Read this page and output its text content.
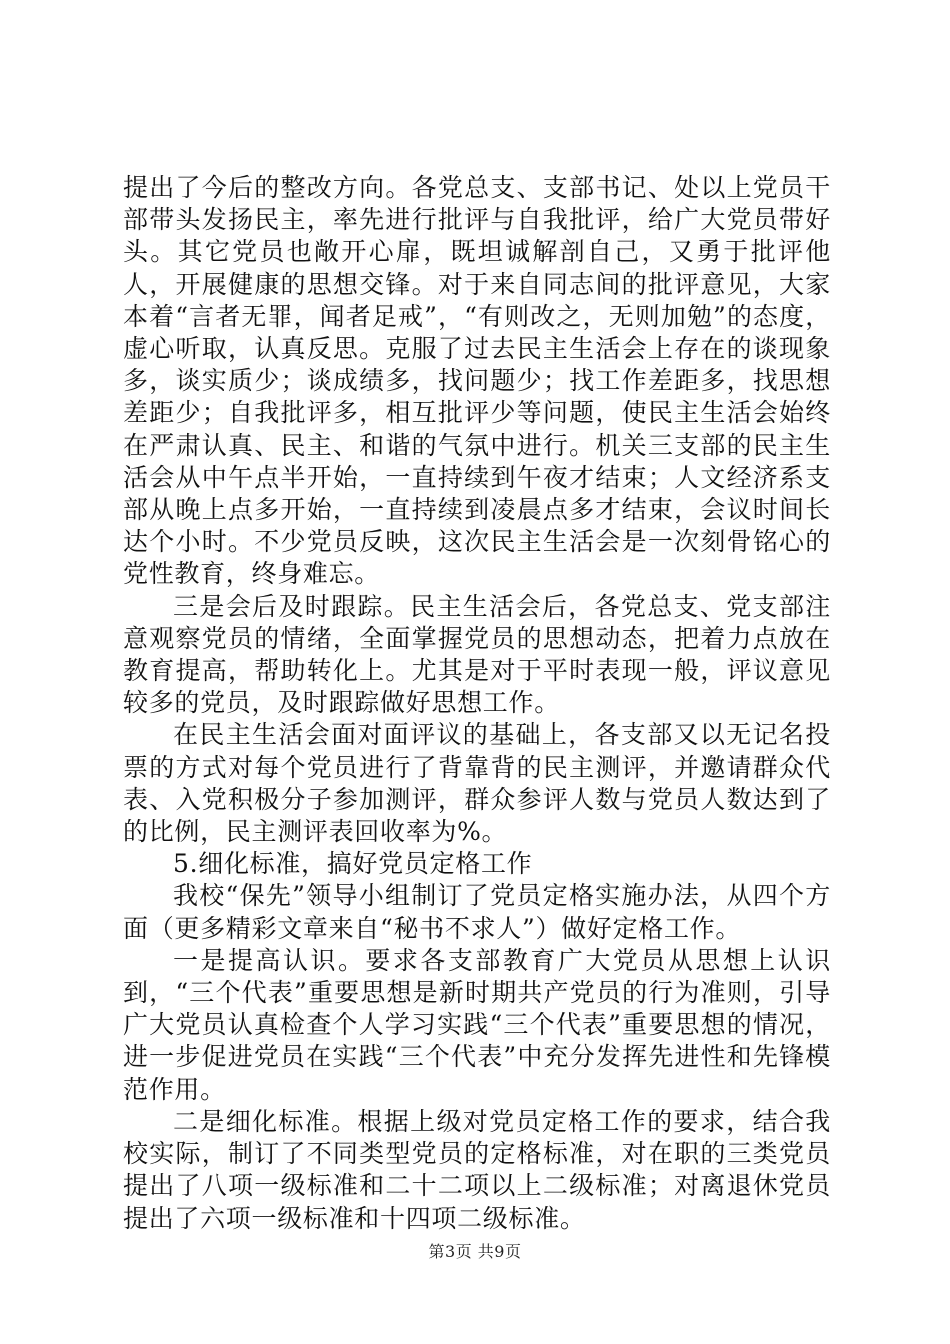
提出了今后的整改方向。各党总支、支部书记、处以上党员干部带头发扬民主，率先进行批评与自我批评，给广大党员带好头。其它党员也敞开心扉，既坦诚解剖自己，又勇于批评他人，开展健康的思想交锋。对于来自同志间的批评意见，大家本着“言者无罪，闻者足戒”，“有则改之，无则加勉”的态度，虚心听取，认真反思。克服了过去民主生活会上存在的谈现象多，谈实质少；谈成绩多，找问题少；找工作差距多，找思想差距少；自我批评多，相互批评少等问题，使民主生活会始终在严肃认真、民主、和谐的气氛中进行。机关三支部的民主生活会从中午点半开始，一直持续到午夜才结束；人文经济系支部从晚上点多开始，一直持续到凌晨点多才结束，会议时间长达个小时。不少党员反映，这次民主生活会是一次刻骨铭心的党性教育，终身难忘。

三是会后及时跟踪。民主生活会后，各党总支、党支部注意观察党员的情绪，全面掌握党员的思想动态，把着力点放在教育提高，帮助转化上。尤其是对于平时表现一般，评议意见较多的党员，及时跟踪做好思想工作。

在民主生活会面对面评议的基础上，各支部又以无记名投票的方式对每个党员进行了背靠背的民主测评，并邀请群众代表、入党积极分子参加测评，群众参评人数与党员人数达到了的比例，民主测评表回收率为%。

5.细化标准，搞好党员定格工作

我校“保先”领导小组制订了党员定格实施办法，从四个方面（更多精彩文章来自“秘书不求人”）做好定格工作。

一是提高认识。要求各支部教育广大党员从思想上认识到，“三个代表”重要思想是新时期共产党员的行为准则，引导广大党员认真检查个人学习实践“三个代表”重要思想的情况，进一步促进党员在实践“三个代表”中充分发挥先进性和先锋模范作用。

二是细化标准。根据上级对党员定格工作的要求，结合我校实际，制订了不同类型党员的定格标准，对在职的三类党员提出了八项一级标准和二十二项以上二级标准；对离退休党员提出了六项一级标准和十四项二级标准。

第3页 共9页
